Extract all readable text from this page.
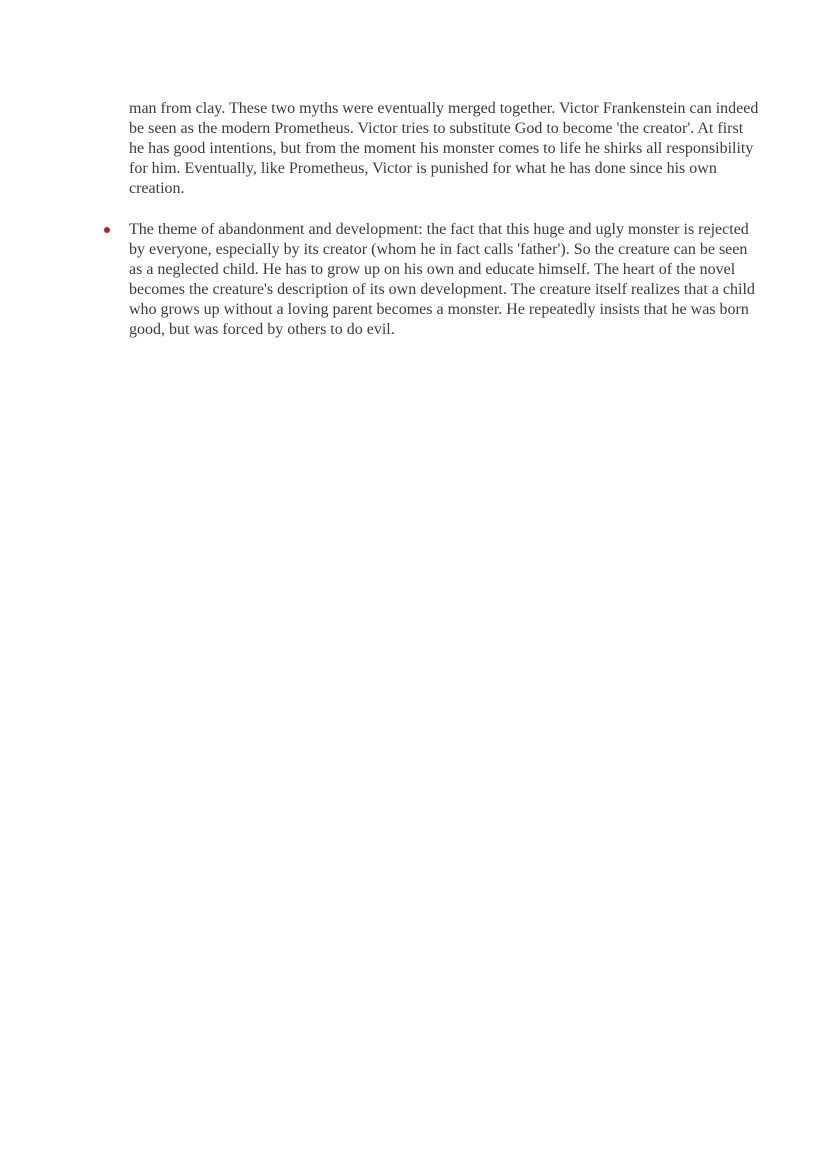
man from clay. These two myths were eventually merged together. Victor Frankenstein can indeed be seen as the modern Prometheus. Victor tries to substitute God to become 'the creator'. At first he has good intentions, but from the moment his monster comes to life he shirks all responsibility for him. Eventually, like Prometheus, Victor is punished for what he has done since his own creation.

The theme of abandonment and development: the fact that this huge and ugly monster is rejected by everyone, especially by its creator (whom he in fact calls 'father'). So the creature can be seen as a neglected child. He has to grow up on his own and educate himself. The heart of the novel becomes the creature's description of its own development. The creature itself realizes that a child who grows up without a loving parent becomes a monster. He repeatedly insists that he was born good, but was forced by others to do evil.
